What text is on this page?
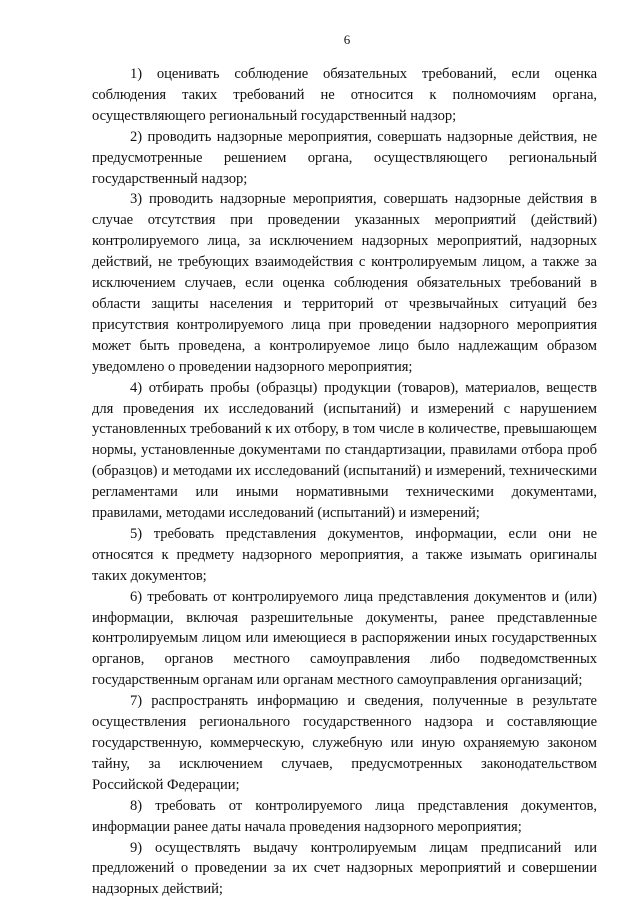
6

1) оценивать соблюдение обязательных требований, если оценка соблюдения таких требований не относится к полномочиям органа, осуществляющего региональный государственный надзор;

2) проводить надзорные мероприятия, совершать надзорные действия, не предусмотренные решением органа, осуществляющего региональный государственный надзор;

3) проводить надзорные мероприятия, совершать надзорные действия в случае отсутствия при проведении указанных мероприятий (действий) контролируемого лица, за исключением надзорных мероприятий, надзорных действий, не требующих взаимодействия с контролируемым лицом, а также за исключением случаев, если оценка соблюдения обязательных требований в области защиты населения и территорий от чрезвычайных ситуаций без присутствия контролируемого лица при проведении надзорного мероприятия может быть проведена, а контролируемое лицо было надлежащим образом уведомлено о проведении надзорного мероприятия;

4) отбирать пробы (образцы) продукции (товаров), материалов, веществ для проведения их исследований (испытаний) и измерений с нарушением установленных требований к их отбору, в том числе в количестве, превышающем нормы, установленные документами по стандартизации, правилами отбора проб (образцов) и методами их исследований (испытаний) и измерений, техническими регламентами или иными нормативными техническими документами, правилами, методами исследований (испытаний) и измерений;

5) требовать представления документов, информации, если они не относятся к предмету надзорного мероприятия, а также изымать оригиналы таких документов;

6) требовать от контролируемого лица представления документов и (или) информации, включая разрешительные документы, ранее представленные контролируемым лицом или имеющиеся в распоряжении иных государственных органов, органов местного самоуправления либо подведомственных государственным органам или органам местного самоуправления организаций;

7) распространять информацию и сведения, полученные в результате осуществления регионального государственного надзора и составляющие государственную, коммерческую, служебную или иную охраняемую законом тайну, за исключением случаев, предусмотренных законодательством Российской Федерации;

8) требовать от контролируемого лица представления документов, информации ранее даты начала проведения надзорного мероприятия;

9) осуществлять выдачу контролируемым лицам предписаний или предложений о проведении за их счет надзорных мероприятий и совершении надзорных действий;
